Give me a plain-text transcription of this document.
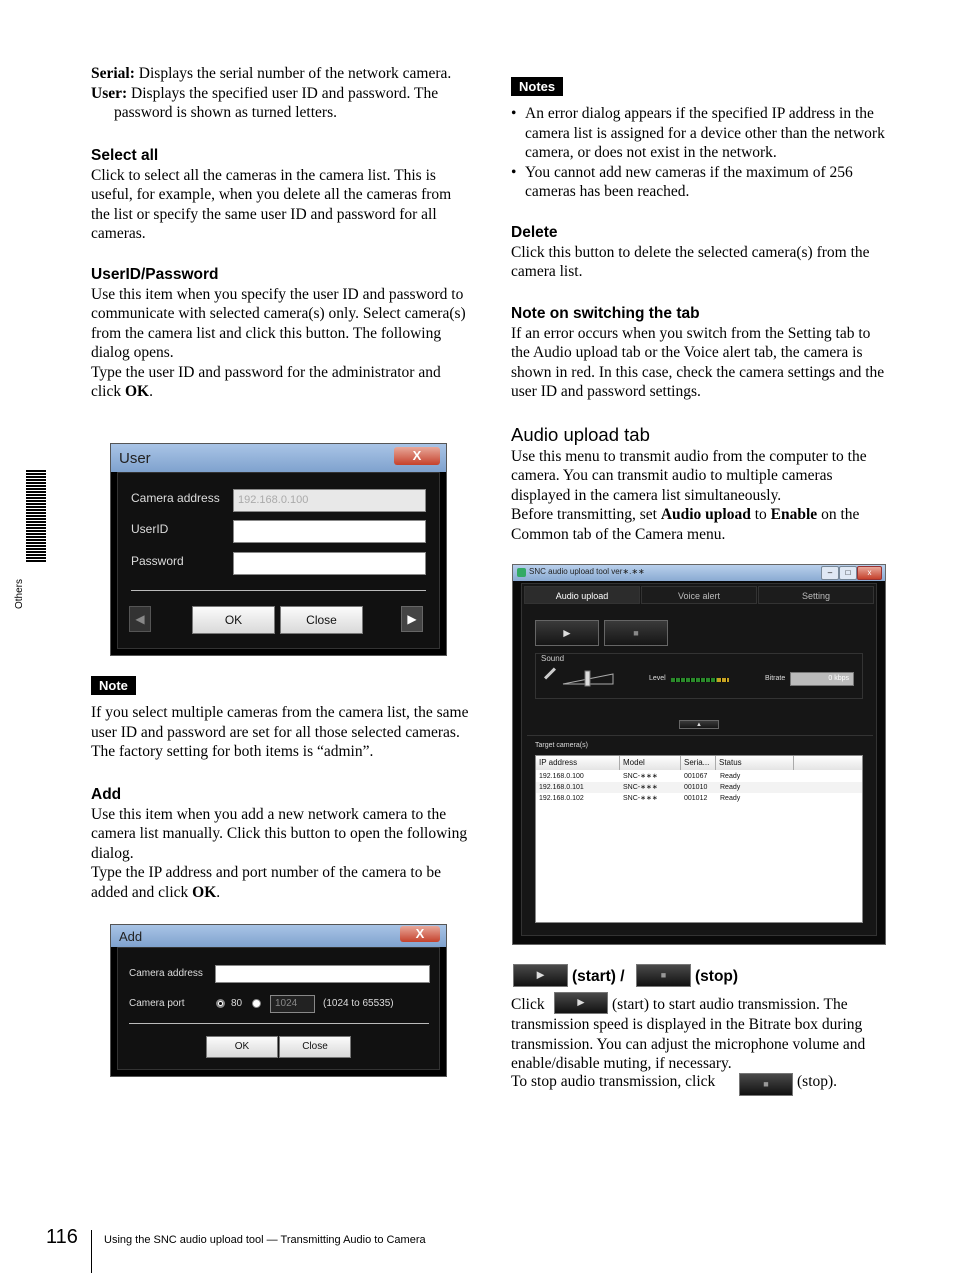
Others

Serial: Displays the serial number of the network camera.

User: Displays the specified user ID and password. The password is shown as turned letters.

Select all

Click to select all the cameras in the camera list. This is useful, for example, when you delete all the cameras from the list or specify the same user ID and password for all cameras.

UserID/Password

Use this item when you specify the user ID and password to communicate with selected camera(s) only. Select camera(s) from the camera list and click this button. The following dialog opens.

Type the user ID and password for the administrator and click OK.

User	X
Camera address	192.168.0.100
UserID
Password
◀	OK	Close	▶
Note

If you select multiple cameras from the camera list, the same user ID and password are set for all those selected cameras. The factory setting for both items is “admin”.

Add

Use this item when you add a new network camera to the camera list manually. Click this button to open the following dialog.

Type the IP address and port number of the camera to be added and click OK.

Add	X
Camera address
Camera port	80	1024	(1024 to 65535)
OK	Close
Notes
• An error dialog appears if the specified IP address in the camera list is assigned for a device other than the network camera, or does not exist in the network.
• You cannot add new cameras if the maximum of 256 cameras has been reached.

Delete

Click this button to delete the selected camera(s) from the camera list.

Note on switching the tab

If an error occurs when you switch from the Setting tab to the Audio upload tab or the Voice alert tab, the camera is shown in red. In this case, check the camera settings and the user ID and password settings.

Audio upload tab

Use this menu to transmit audio from the computer to the camera. You can transmit audio to multiple cameras displayed in the camera list simultaneously.

Before transmitting, set Audio upload to Enable on the Common tab of the Camera menu.

SNC audio upload tool ver∗.∗∗	–	□	x
Audio upload	Voice alert	Setting
►	■
Sound
Level	Bitrate	0 kbps
▲
Target camera(s)
IP address	Model	Seria...	Status
192.168.0.100	SNC-∗∗∗	001067 Ready
192.168.0.101	SNC-∗∗∗	001010 Ready
192.168.0.102	SNC-∗∗∗	001012 Ready
►	(start) /	■	(stop)
Click	►	(start) to start audio transmission. The

transmission speed is displayed in the Bitrate box during transmission. You can adjust the microphone volume and enable/disable muting, if necessary.

To stop audio transmission, click	■	(stop).
116 Using the SNC audio upload tool — Transmitting Audio to Camera
